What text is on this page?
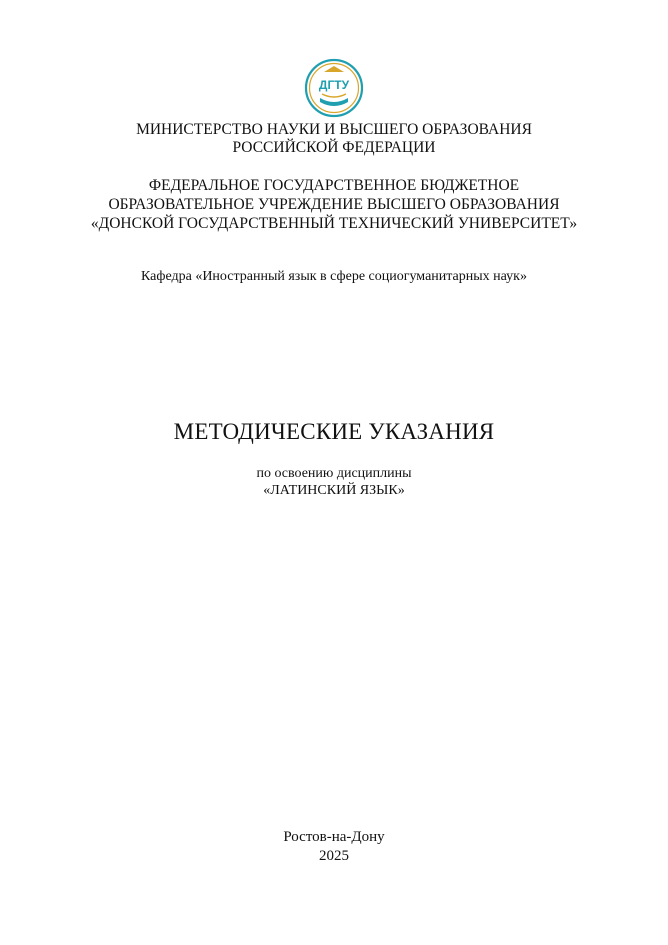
ДГТУ
МИНИСТЕРСТВО НАУКИ И ВЫСШЕГО ОБРАЗОВАНИЯ
РОССИЙСКОЙ ФЕДЕРАЦИИ
ФЕДЕРАЛЬНОЕ ГОСУДАРСТВЕННОЕ БЮДЖЕТНОЕ
ОБРАЗОВАТЕЛЬНОЕ УЧРЕЖДЕНИЕ ВЫСШЕГО ОБРАЗОВАНИЯ
«ДОНСКОЙ ГОСУДАРСТВЕННЫЙ ТЕХНИЧЕСКИЙ УНИВЕРСИТЕТ»
Кафедра «Иностранный язык в сфере социогуманитарных наук»
МЕТОДИЧЕСКИЕ УКАЗАНИЯ
по освоению дисциплины
«ЛАТИНСКИЙ ЯЗЫК»
Ростов-на-Дону
2025
